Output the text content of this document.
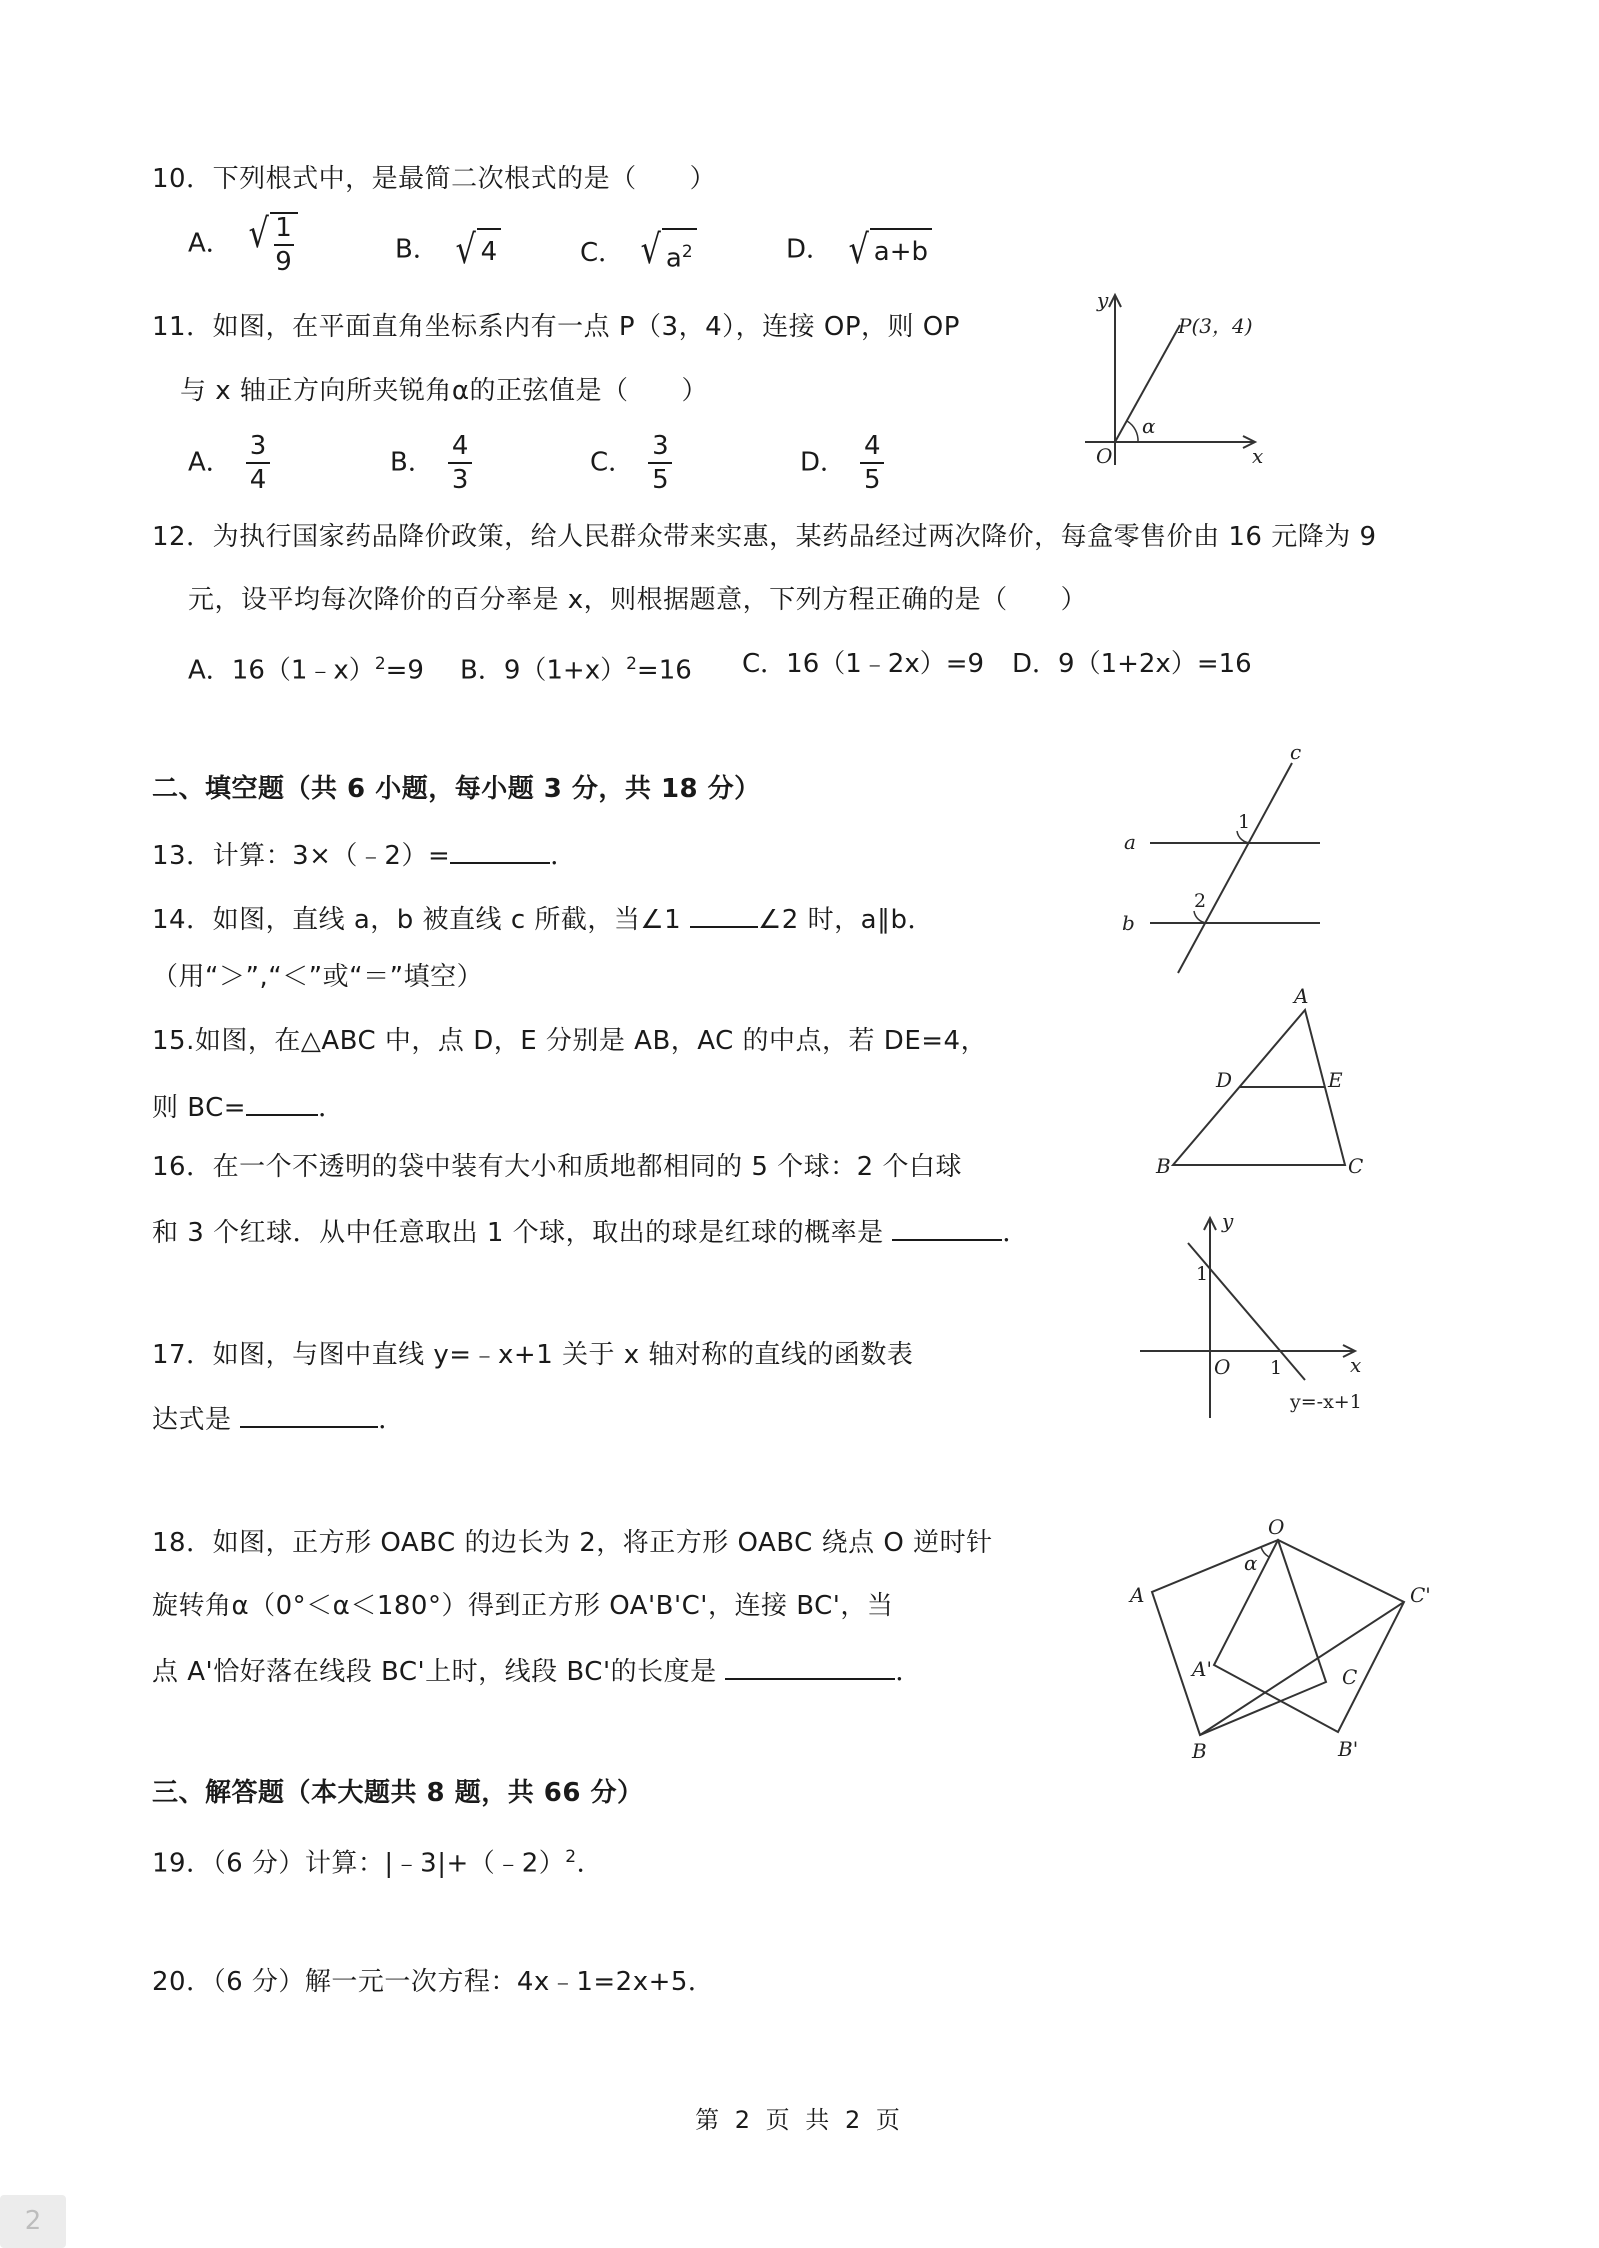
10．下列根式中，是最简二次根式的是（　　）
A． √ 1
9	B． √ 4	C． √ $a^2$	D． √ a+b
11．如图，在平面直角坐标系内有一点 P（3，4），连接 OP，则 OP
与 x 轴正方向所夹锐角α的正弦值是（　　）
A． $\frac{3}{4}$	B． $\frac{4}{3}$	C． $\frac{3}{5}$	D． $\frac{4}{5}$
y
x
O
P(3，4)
α
12．为执行国家药品降价政策，给人民群众带来实惠，某药品经过两次降价，每盒零售价由 16 元降为 9
元，设平均每次降价的百分率是 x，则根据题意，下列方程正确的是（　　）
A．16（1﹣x）$^2$=9 B．$9(1+x)^2=16$ C．16（1﹣2x）=9 D．9（1+2x）=16
二、填空题（共 6 小题，每小题 3 分，共 18 分）
13．计算：3×（﹣2）=	．
14．如图，直线 a，b 被直线 c 所截，当∠1	∠2 时，a∥b．
（用“＞”,“＜”或“＝”填空）
a
b
c
1
2
15.如图，在△ABC 中，点 D，E 分别是 AB，AC 的中点，若 DE=4，
则 BC=	．
A
B	C
D	E
16．在一个不透明的袋中装有大小和质地都相同的 5 个球：2 个白球
和 3 个红球．从中任意取出 1 个球，取出的球是红球的概率是	．
17．如图，与图中直线 y=﹣x+1 关于 x 轴对称的直线的函数表
达式是	．
y
x
O
1
1
y=-x+1
18．如图，正方形 OABC 的边长为 2，将正方形 OABC 绕点 O 逆时针
旋转角α（0°＜α＜180°）得到正方形 OA'B'C'，连接 BC'，当
点 A'恰好落在线段 BC'上时，线段 BC'的长度是	．
O
A
B
C
A'
B'
C'
α
三、解答题（本大题共 8 题，共 66 分）
19．（6 分）计算：|﹣3|+（﹣2）$^2$．
20．（6 分）解一元一次方程：4x﹣1=2x+5．
第 2 页 共 2 页
2
